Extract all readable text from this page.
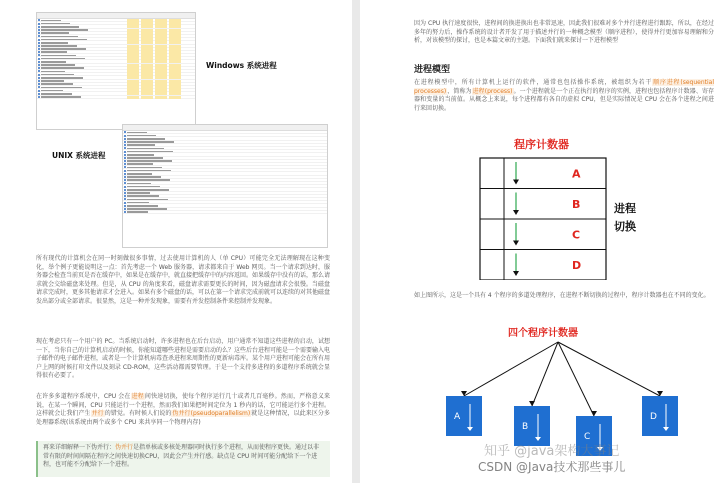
Windows 系统进程
UNIX 系统进程

所有现代的计算机会在同一时刻做很多事情，过去使用计算机的人（单 CPU）可能完全无法理解现在这种变化，举个例子更能说明这一点：首先考虑一个 Web 服务器，请求都来自于 Web 网页。当一个请求到达时，服务器会检查当前页是否在缓存中，如果是在缓存中，就直接把缓存中的内容返回。如果缓存中没有的话，那么请求就会交给磁盘来处理。但是，从 CPU 的角度来看，磁盘请求需要更长的时间，因为磁盘请求会很慢。当磁盘请求完成时，更多其他请求才会进入。如果有多个磁盘的话，可以在第一个请求完成前就可以连续的对其他磁盘发出部分或全部请求。很显然，这是一种并发现象，需要有并发控制条件来控制并发现象。

现在考虑只有一个用户的 PC。当系统启动时，许多进程也在后台启动，用户通常不知道这些进程的启动，试想一下，当你自己的计算机启动的时候，你能知道哪些进程是需要启动的么？这些后台进程可能是一个需要输入电子邮件的电子邮件进程，或者是一个计算机病毒查杀进程来周期性的更新病毒库。某个用户进程可能会在所有用户上网的时候打印文件以及刻录 CD-ROM，这些活动都需要管理。于是一个支持多进程的多道程序系统就会显得很有必要了。

在许多多道程序系统中，CPU 会在进程间快速切换，使每个程序运行几十或者几百毫秒。然而，严格意义来说，在某一个瞬间，CPU 只能运行一个进程，然而我们如果把时间定位为 1 秒内的话，它可能运行多个进程。这样就会让我们产生并行的错觉。有时候人们说的伪并行(pseudoparallelism)就是这种情况，以此来区分多处理器系统(该系统由两个或多个 CPU 来共享同一个物理内存)

再来详细解释一下伪并行：伪并行是指单核或多核处理器同时执行多个进程，从而使程序更快。通过以非常有限的时间间隔在程序之间快速切换CPU，因此会产生并行感。缺点是 CPU 时间可能分配给下一个进程，也可能不分配给下一个进程。

因为 CPU 执行速度很快，进程间的换进换出也非常迅速，因此我们很难对多个并行进程进行跟踪，所以，在经过多年的努力后，操作系统的设计者开发了用于描述并行的一种概念模型（顺序进程），使得并行更加容易理解和分析，对该模型的探讨，也是本篇文章的主题。下面我们就来探讨一下进程模型

进程模型

在进程模型中，所有计算机上运行的软件，通常也包括操作系统，被组织为若干顺序进程(sequential processes)，简称为进程(process)。一个进程就是一个正在执行的程序的实例，进程也包括程序计数器、寄存器和变量的当前值。从概念上来说，每个进程都有各自的虚拟 CPU，但是实际情况是 CPU 会在各个进程之间进行来回切换。

程序计数器
A
B
C
D
进程
切换

如上图所示，这是一个具有 4 个程序的多道处理程序，在进程不断切换的过程中，程序计数器也在不同的变化。

四个程序计数器
A
B
C
D
知乎 @java架构大事记
CSDN @Java技术那些事儿
